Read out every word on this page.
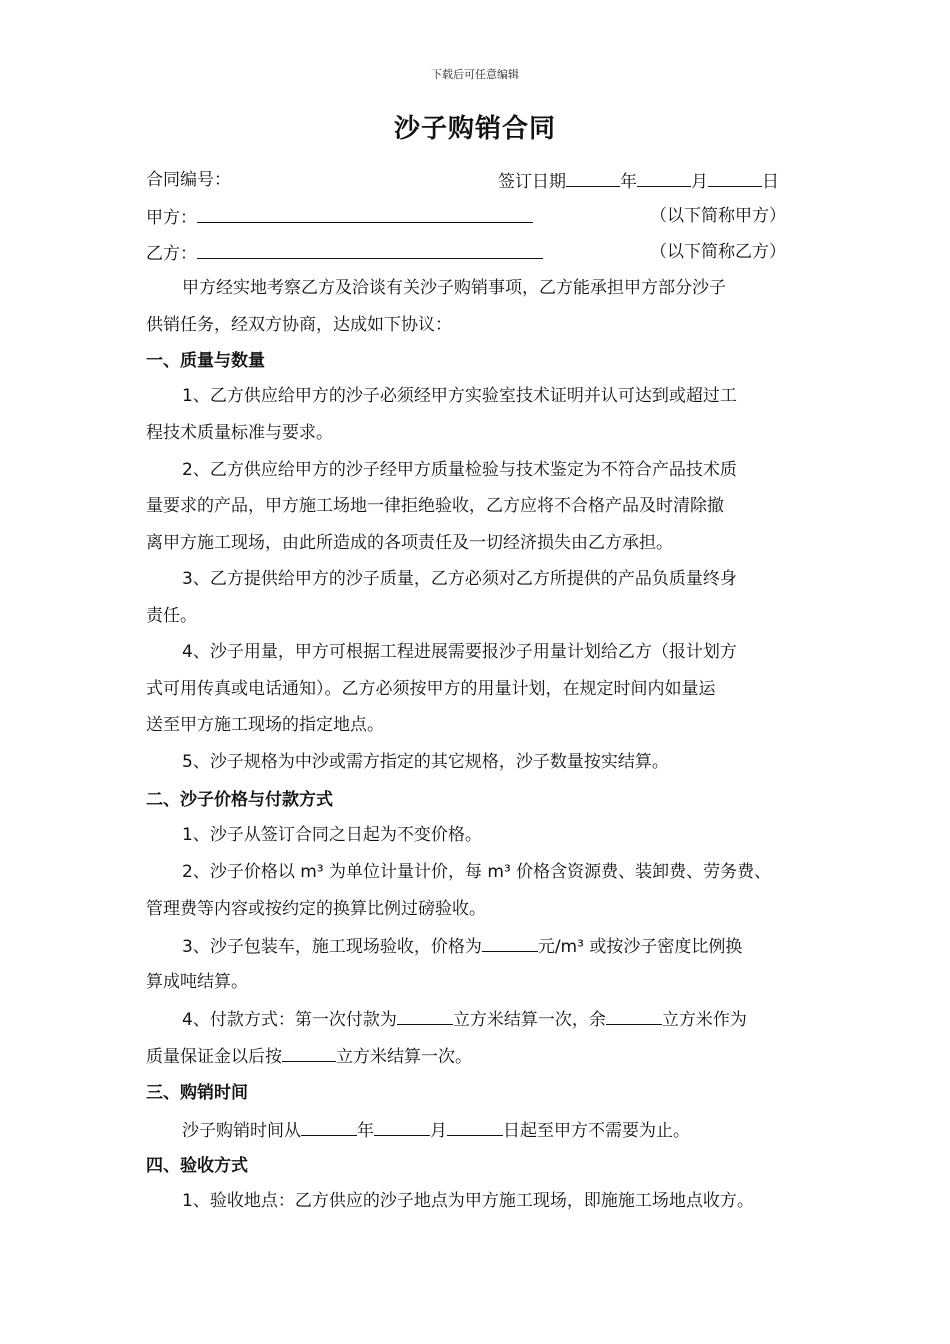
下载后可任意编辑
沙子购销合同
合同编号：	签订日期	年	月	日
甲方：	（以下简称甲方）
乙方：	（以下简称乙方）
甲方经实地考察乙方及洽谈有关沙子购销事项，乙方能承担甲方部分沙子
供销任务，经双方协商，达成如下协议：
一、质量与数量
1、乙方供应给甲方的沙子必须经甲方实验室技术证明并认可达到或超过工
程技术质量标准与要求。
2、乙方供应给甲方的沙子经甲方质量检验与技术鉴定为不符合产品技术质
量要求的产品，甲方施工场地一律拒绝验收，乙方应将不合格产品及时清除撤
离甲方施工现场，由此所造成的各项责任及一切经济损失由乙方承担。
3、乙方提供给甲方的沙子质量，乙方必须对乙方所提供的产品负质量终身
责任。
4、沙子用量，甲方可根据工程进展需要报沙子用量计划给乙方（报计划方
式可用传真或电话通知）。乙方必须按甲方的用量计划，在规定时间内如量运
送至甲方施工现场的指定地点。
5、沙子规格为中沙或需方指定的其它规格，沙子数量按实结算。
二、沙子价格与付款方式
1、沙子从签订合同之日起为不变价格。
2、沙子价格以 m³ 为单位计量计价，每 m³ 价格含资源费、装卸费、劳务费、
管理费等内容或按约定的换算比例过磅验收。
3、沙子包装车，施工现场验收，价格为	元/m³ 或按沙子密度比例换
算成吨结算。
4、付款方式：第一次付款为	立方米结算一次，余	立方米作为
质量保证金以后按	立方米结算一次。
三、购销时间
沙子购销时间从	年	月	日起至甲方不需要为止。
四、验收方式
1、验收地点：乙方供应的沙子地点为甲方施工现场，即施施工场地点收方。
